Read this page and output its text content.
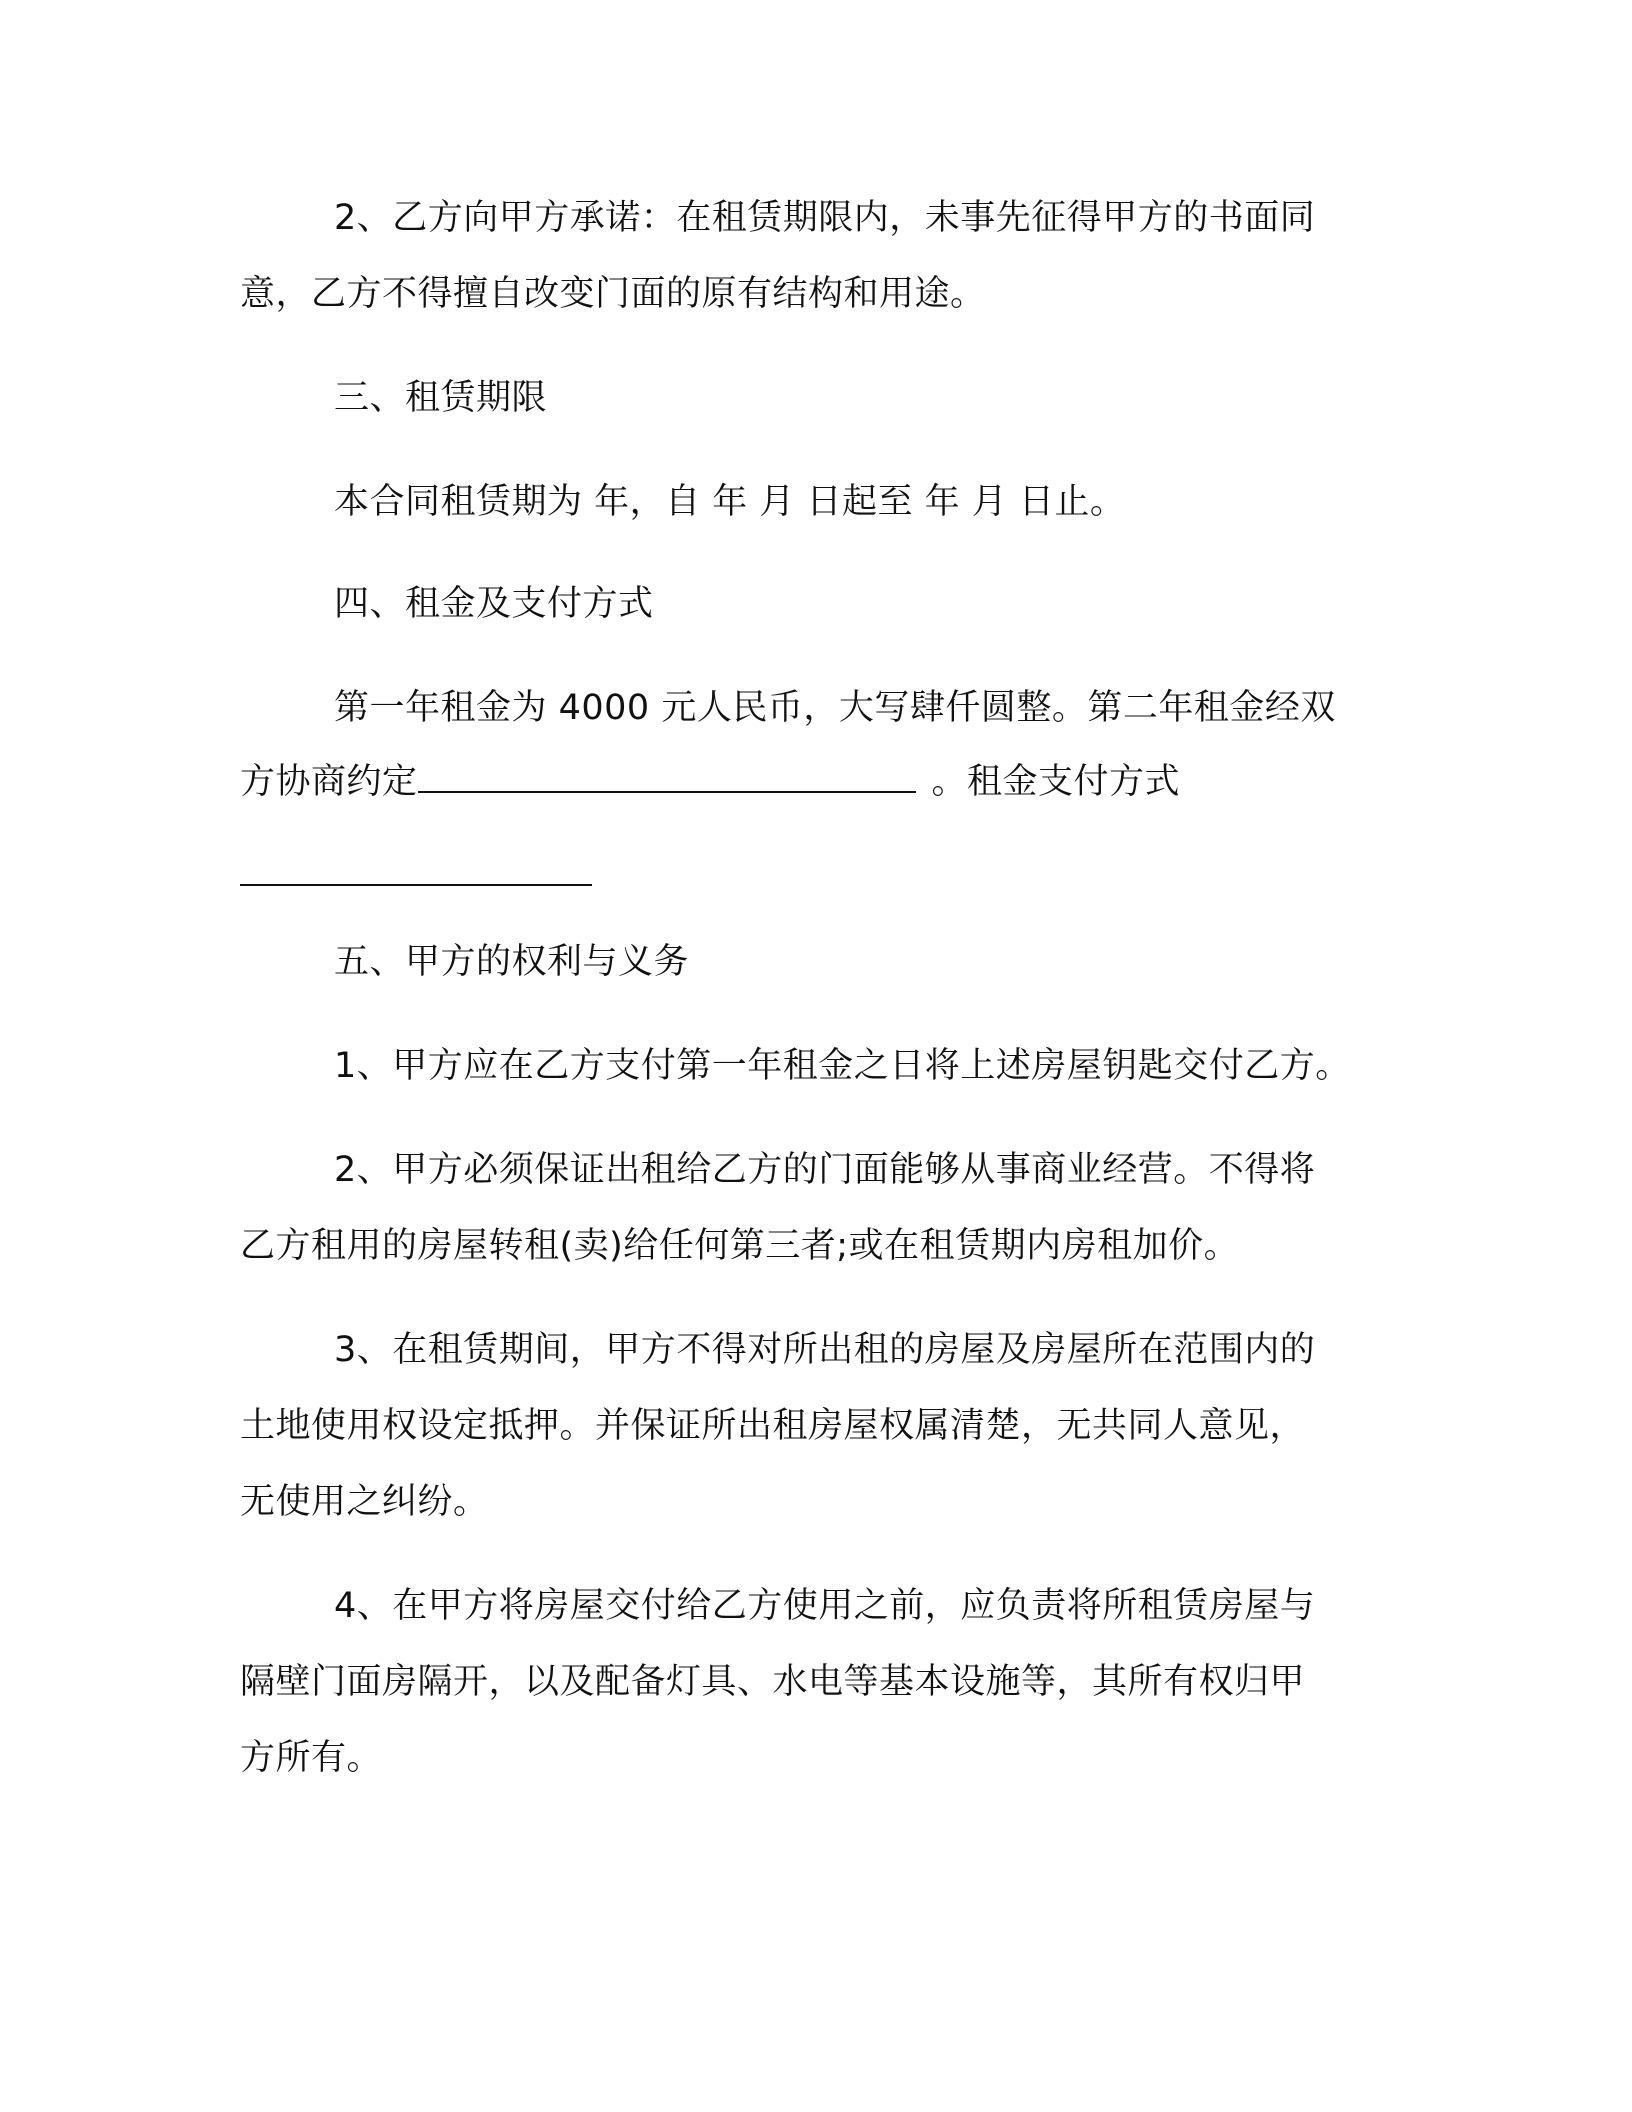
2、乙方向甲方承诺：在租赁期限内，未事先征得甲方的书面同
意，乙方不得擅自改变门面的原有结构和用途。
三、租赁期限
本合同租赁期为 年，自 年 月 日起至 年 月 日止。
四、租金及支付方式
第一年租金为 4000 元人民币，大写肆仟圆整。第二年租金经双
方协商约定	。租金支付方式
五、甲方的权利与义务
1、甲方应在乙方支付第一年租金之日将上述房屋钥匙交付乙方。
2、甲方必须保证出租给乙方的门面能够从事商业经营。不得将
乙方租用的房屋转租(卖)给任何第三者;或在租赁期内房租加价。
3、在租赁期间，甲方不得对所出租的房屋及房屋所在范围内的
土地使用权设定抵押。并保证所出租房屋权属清楚，无共同人意见，
无使用之纠纷。
4、在甲方将房屋交付给乙方使用之前，应负责将所租赁房屋与
隔壁门面房隔开，以及配备灯具、水电等基本设施等，其所有权归甲
方所有。
